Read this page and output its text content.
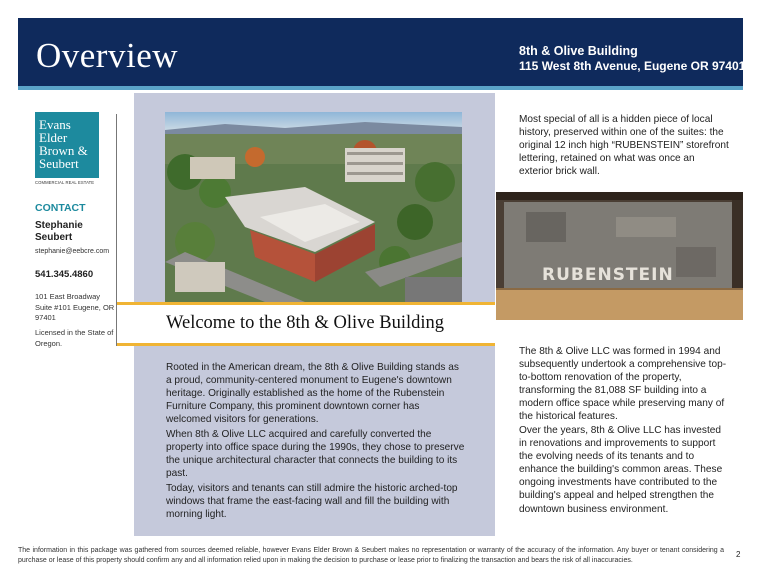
Overview	8th & Olive Building
115 West 8th Avenue, Eugene OR 97401
Evans
Elder
Brown &
Seubert
COMMERCIAL REAL ESTATE
CONTACT
Stephanie Seubert
stephanie@eebcre.com
541.345.4860
101 East Broadway Suite #101 Eugene, OR 97401
Licensed in the State of Oregon.
Welcome to the 8th & Olive Building
Rooted in the American dream, the 8th & Olive Building stands as a proud, community-centered monument to Eugene's downtown heritage. Originally established as the home of the Rubenstein Furniture Company, this prominent downtown corner has welcomed visitors for generations.
When 8th & Olive LLC acquired and carefully converted the property into office space during the 1990s, they chose to preserve the unique architectural character that connects the building to its past.
Today, visitors and tenants can still admire the historic arched-top windows that frame the east-facing wall and fill the building with morning light.
Most special of all is a hidden piece of local history, preserved within one of the suites: the original 12 inch high “RUBENSTEIN” storefront lettering, retained on what was once an exterior brick wall.
RUBENSTEIN
The 8th & Olive LLC was formed in 1994 and subsequently undertook a comprehensive top-to-bottom renovation of the property, transforming the 81,088 SF building into a modern office space while preserving many of the historical features.
Over the years, 8th & Olive LLC has invested in renovations and improvements to support the evolving needs of its tenants and to enhance the building's common areas. These ongoing investments have contributed to the building's appeal and helped strengthen the downtown business environment.
The information in this package was gathered from sources deemed reliable, however Evans Elder Brown & Seubert makes no representation or warranty of the accuracy of the information. Any buyer or tenant considering a purchase or lease of this property should confirm any and all information relied upon in making the decision to purchase or lease prior to finalizing the transaction and bears the risk of all inaccuracies.
2
